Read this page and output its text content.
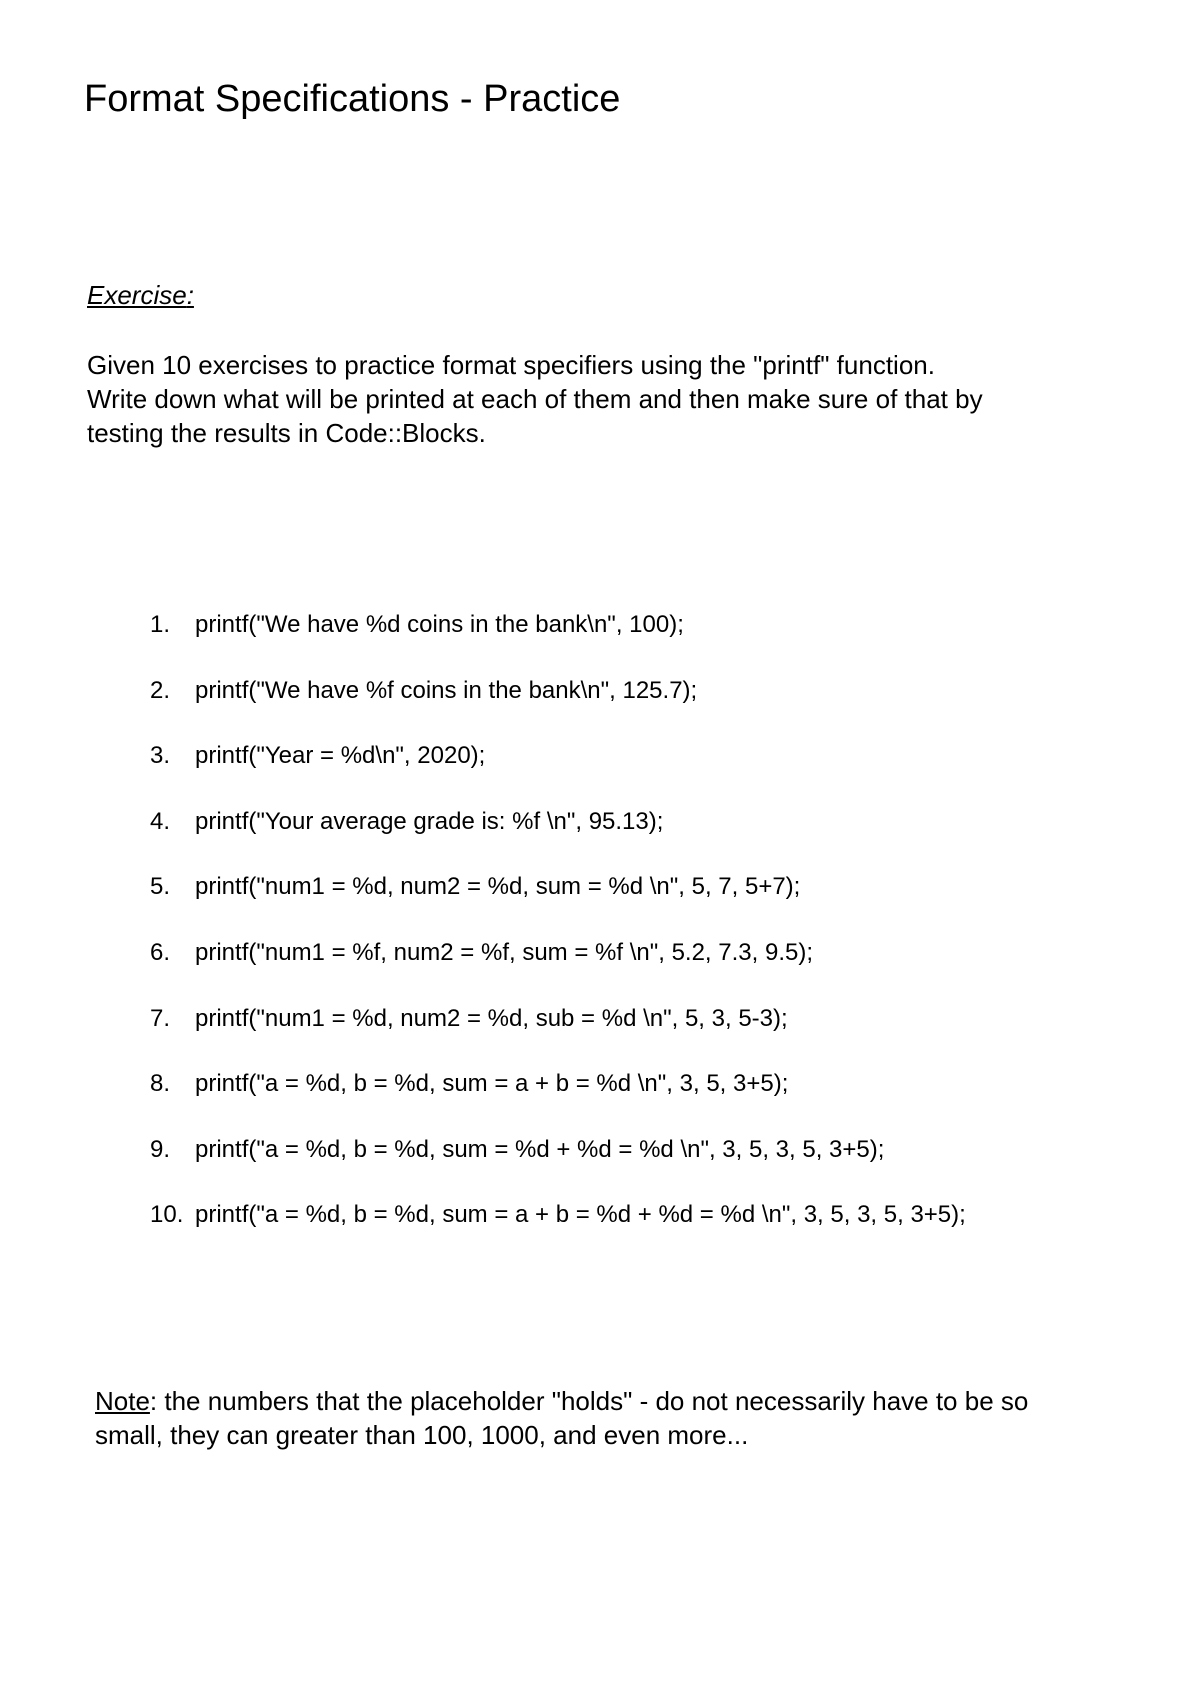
Format Specifications - Practice

Exercise:

Given 10 exercises to practice format specifiers using the "printf" function.
Write down what will be printed at each of them and then make sure of that by
testing the results in Code::Blocks.

1. printf("We have %d coins in the bank\n", 100);
2. printf("We have %f coins in the bank\n", 125.7);
3. printf("Year = %d\n", 2020);
4. printf("Your average grade is: %f \n", 95.13);
5. printf("num1 = %d, num2 = %d, sum = %d \n", 5, 7, 5+7);
6. printf("num1 = %f, num2 = %f, sum = %f \n", 5.2, 7.3, 9.5);
7. printf("num1 = %d, num2 = %d, sub = %d \n", 5, 3, 5-3);
8. printf("a = %d, b = %d, sum = a + b = %d \n", 3, 5, 3+5);
9. printf("a = %d, b = %d, sum = %d + %d = %d \n", 3, 5, 3, 5, 3+5);
10. printf("a = %d, b = %d, sum = a + b = %d + %d = %d \n", 3, 5, 3, 5, 3+5);

Note: the numbers that the placeholder "holds" - do not necessarily have to be so
small, they can greater than 100, 1000, and even more...
